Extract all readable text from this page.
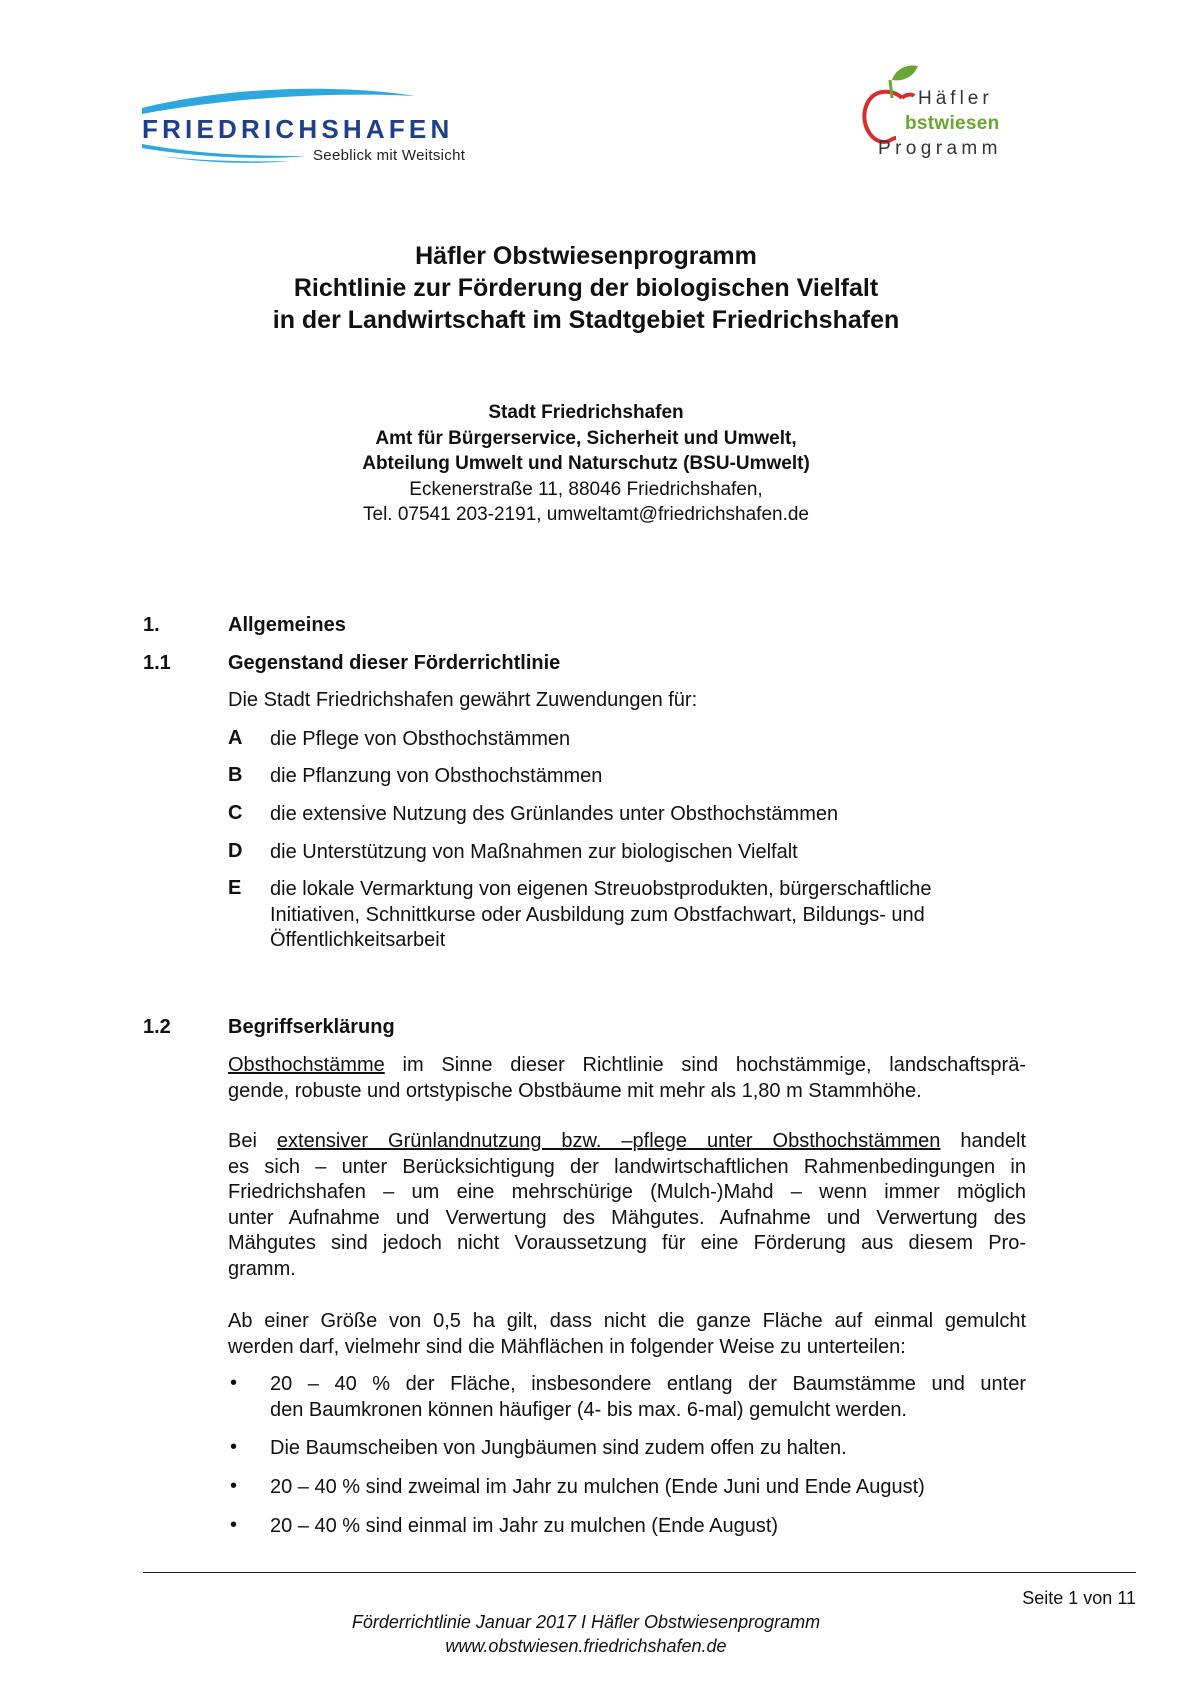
FRIEDRICHSHAFEN
Seeblick mit Weitsicht
Häfler
bstwiesen
Programm
Häfler Obstwiesenprogramm
Richtlinie zur Förderung der biologischen Vielfalt
in der Landwirtschaft im Stadtgebiet Friedrichshafen
Stadt Friedrichshafen
Amt für Bürgerservice, Sicherheit und Umwelt,
Abteilung Umwelt und Naturschutz (BSU-Umwelt)
Eckenerstraße 11, 88046 Friedrichshafen,
Tel. 07541 203-2191, umweltamt@friedrichshafen.de
1.	Allgemeines
1.1	Gegenstand dieser Förderrichtlinie
Die Stadt Friedrichshafen gewährt Zuwendungen für:
A die Pflege von Obsthochstämmen
B die Pflanzung von Obsthochstämmen
C die extensive Nutzung des Grünlandes unter Obsthochstämmen
D die Unterstützung von Maßnahmen zur biologischen Vielfalt
E die lokale Vermarktung von eigenen Streuobstprodukten, bürgerschaftliche
Initiativen, Schnittkurse oder Ausbildung zum Obstfachwart, Bildungs- und
Öffentlichkeitsarbeit
1.2	Begriffserklärung
Obsthochstämme im Sinne dieser Richtlinie sind hochstämmige, landschaftsprä-
gende, robuste und ortstypische Obstbäume mit mehr als 1,80 m Stammhöhe.
Bei extensiver Grünlandnutzung bzw. –pflege unter Obsthochstämmen handelt
es sich – unter Berücksichtigung der landwirtschaftlichen Rahmenbedingungen in
Friedrichshafen – um eine mehrschürige (Mulch-)Mahd – wenn immer möglich
unter Aufnahme und Verwertung des Mähgutes. Aufnahme und Verwertung des
Mähgutes sind jedoch nicht Voraussetzung für eine Förderung aus diesem Pro-
gramm.
Ab einer Größe von 0,5 ha gilt, dass nicht die ganze Fläche auf einmal gemulcht
werden darf, vielmehr sind die Mähflächen in folgender Weise zu unterteilen:
• 20 – 40 % der Fläche, insbesondere entlang der Baumstämme und unter
den Baumkronen können häufiger (4- bis max. 6-mal) gemulcht werden.
• Die Baumscheiben von Jungbäumen sind zudem offen zu halten.
• 20 – 40 % sind zweimal im Jahr zu mulchen (Ende Juni und Ende August)
• 20 – 40 % sind einmal im Jahr zu mulchen (Ende August)
Seite 1 von 11
Förderrichtlinie Januar 2017 I Häfler Obstwiesenprogramm
www.obstwiesen.friedrichshafen.de
